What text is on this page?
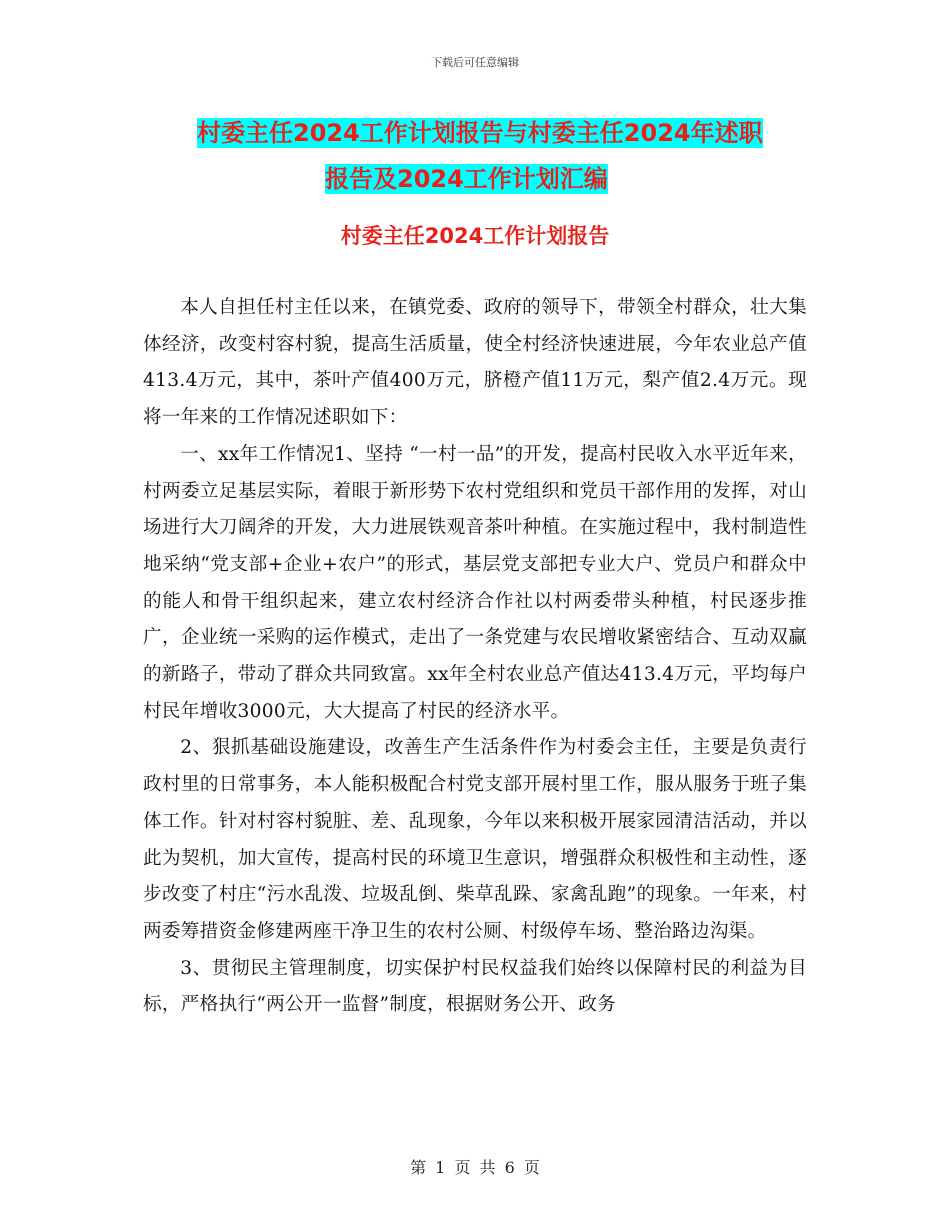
下载后可任意编辑
村委主任2024工作计划报告与村委主任2024年述职
报告及2024工作计划汇编
村委主任2024工作计划报告

本人自担任村主任以来，在镇党委、政府的领导下，带领全村群众，壮大集体经济，改变村容村貌，提高生活质量，使全村经济快速进展，今年农业总产值413.4万元，其中，茶叶产值400万元，脐橙产值11万元，梨产值2.4万元。现将一年来的工作情况述职如下：

一、xx年工作情况1、坚持 “一村一品”的开发，提高村民收入水平近年来，村两委立足基层实际，着眼于新形势下农村党组织和党员干部作用的发挥，对山场进行大刀阔斧的开发，大力进展铁观音茶叶种植。在实施过程中，我村制造性地采纳“党支部+企业+农户”的形式，基层党支部把专业大户、党员户和群众中的能人和骨干组织起来，建立农村经济合作社以村两委带头种植，村民逐步推广，企业统一采购的运作模式，走出了一条党建与农民增收紧密结合、互动双赢的新路子，带动了群众共同致富。xx年全村农业总产值达413.4万元，平均每户村民年增收3000元，大大提高了村民的经济水平。

2、狠抓基础设施建设，改善生产生活条件作为村委会主任，主要是负责行政村里的日常事务，本人能积极配合村党支部开展村里工作，服从服务于班子集体工作。针对村容村貌脏、差、乱现象，今年以来积极开展家园清洁活动，并以此为契机，加大宣传，提高村民的环境卫生意识，增强群众积极性和主动性，逐步改变了村庄“污水乱泼、垃圾乱倒、柴草乱跺、家禽乱跑”的现象。一年来，村两委筹措资金修建两座干净卫生的农村公厕、村级停车场、整治路边沟渠。

3、贯彻民主管理制度，切实保护村民权益我们始终以保障村民的利益为目标，严格执行“两公开一监督”制度，根据财务公开、政务

第 1 页 共 6 页
